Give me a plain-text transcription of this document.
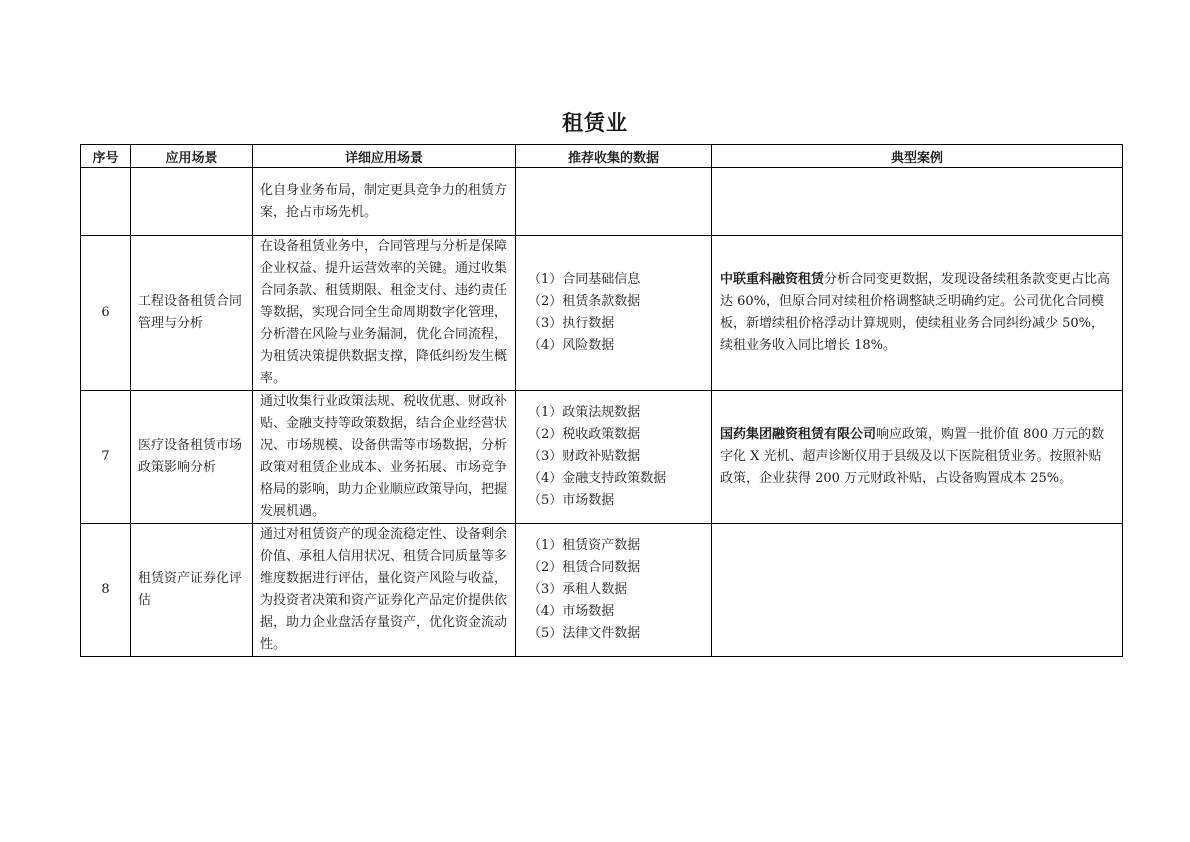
租赁业
序号	应用场景	详细应用场景	推荐收集的数据	典型案例
		化自身业务布局，制定更具竞争力的租赁方案，抢占市场先机。		
6	工程设备租赁合同管理与分析	在设备租赁业务中，合同管理与分析是保障企业权益、提升运营效率的关键。通过收集合同条款、租赁期限、租金支付、违约责任等数据，实现合同全生命周期数字化管理，分析潜在风险与业务漏洞，优化合同流程，为租赁决策提供数据支撑，降低纠纷发生概率。	（1）合同基础信息
（2）租赁条款数据
（3）执行数据
（4）风险数据	中联重科融资租赁分析合同变更数据，发现设备续租条款变更占比高达 60%，但原合同对续租价格调整缺乏明确约定。公司优化合同模板，新增续租价格浮动计算规则，使续租业务合同纠纷减少 50%，续租业务收入同比增长 18%。
7	医疗设备租赁市场政策影响分析	通过收集行业政策法规、税收优惠、财政补贴、金融支持等政策数据，结合企业经营状况、市场规模、设备供需等市场数据，分析政策对租赁企业成本、业务拓展、市场竞争格局的影响，助力企业顺应政策导向，把握发展机遇。	（1）政策法规数据
（2）税收政策数据
（3）财政补贴数据
（4）金融支持政策数据
（5）市场数据	国药集团融资租赁有限公司响应政策，购置一批价值 800 万元的数字化 X 光机、超声诊断仪用于县级及以下医院租赁业务。按照补贴政策，企业获得 200 万元财政补贴，占设备购置成本 25%。
8	租赁资产证券化评估	通过对租赁资产的现金流稳定性、设备剩余价值、承租人信用状况、租赁合同质量等多维度数据进行评估，量化资产风险与收益，为投资者决策和资产证券化产品定价提供依据，助力企业盘活存量资产，优化资金流动性。	（1）租赁资产数据
（2）租赁合同数据
（3）承租人数据
（4）市场数据
（5）法律文件数据	
